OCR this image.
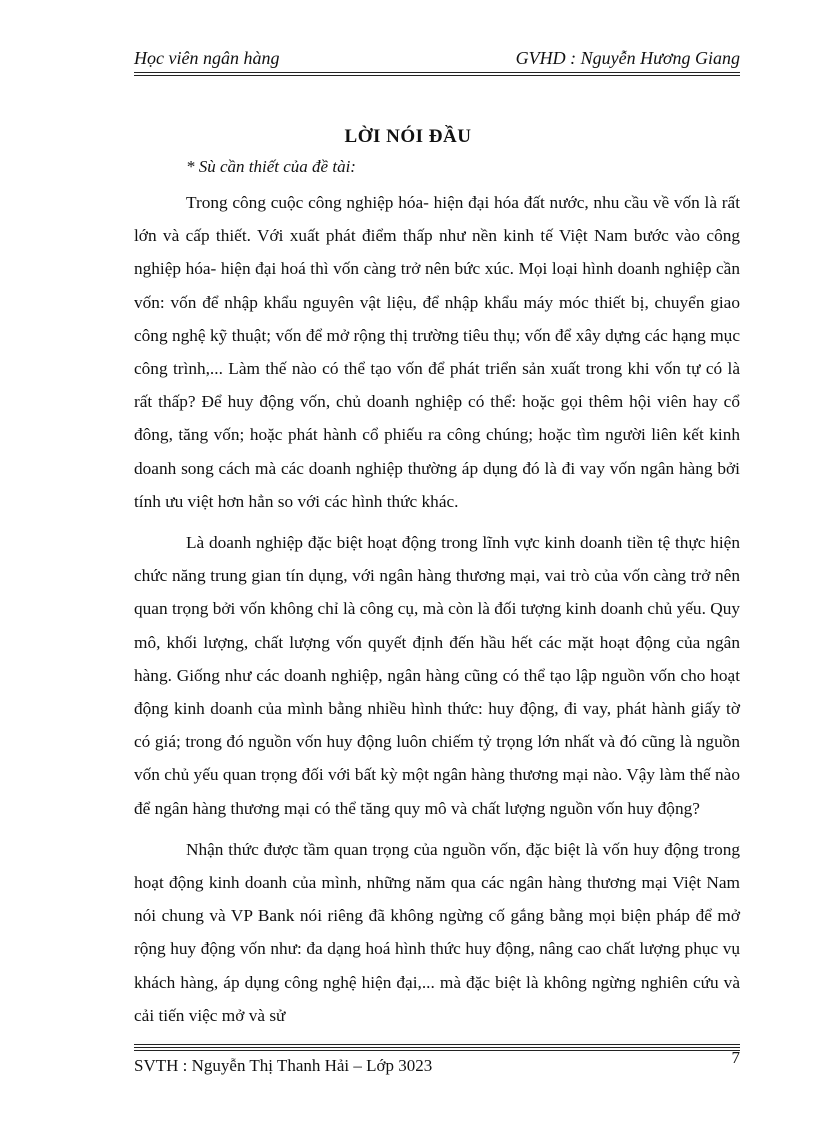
Học viên ngân hàng	GVHD : Nguyễn Hương Giang
LỜI NÓI ĐẦU
* Sù cần thiết của đề tài:

Trong công cuộc công nghiệp hóa- hiện đại hóa đất nước, nhu cầu về vốn là rất lớn và cấp thiết. Với xuất phát điểm thấp như nền kinh tế Việt Nam bước vào công nghiệp hóa- hiện đại hoá thì vốn càng trở nên bức xúc. Mọi loại hình doanh nghiệp cần vốn: vốn để nhập khẩu nguyên vật liệu, để nhập khẩu máy móc thiết bị, chuyển giao công nghệ kỹ thuật; vốn để mở rộng thị trường tiêu thụ; vốn để xây dựng các hạng mục công trình,... Làm thế nào có thể tạo vốn để phát triển sản xuất trong khi vốn tự có là rất thấp? Để huy động vốn, chủ doanh nghiệp có thể: hoặc gọi thêm hội viên hay cổ đông, tăng vốn; hoặc phát hành cổ phiếu ra công chúng; hoặc tìm người liên kết kinh doanh song cách mà các doanh nghiệp thường áp dụng đó là đi vay vốn ngân hàng bởi tính ưu việt hơn hẳn so với các hình thức khác.

Là doanh nghiệp đặc biệt hoạt động trong lĩnh vực kinh doanh tiền tệ thực hiện chức năng trung gian tín dụng, với ngân hàng thương mại, vai trò của vốn càng trở nên quan trọng bởi vốn không chỉ là công cụ, mà còn là đối tượng kinh doanh chủ yếu. Quy mô, khối lượng, chất lượng vốn quyết định đến hầu hết các mặt hoạt động của ngân hàng. Giống như các doanh nghiệp, ngân hàng cũng có thể tạo lập nguồn vốn cho hoạt động kinh doanh của mình bằng nhiều hình thức: huy động, đi vay, phát hành giấy tờ có giá; trong đó nguồn vốn huy động luôn chiếm tỷ trọng lớn nhất và đó cũng là nguồn vốn chủ yếu quan trọng đối với bất kỳ một ngân hàng thương mại nào. Vậy làm thế nào để ngân hàng thương mại có thể tăng quy mô và chất lượng nguồn vốn huy động?

Nhận thức được tầm quan trọng của nguồn vốn, đặc biệt là vốn huy động trong hoạt động kinh doanh của mình, những năm qua các ngân hàng thương mại Việt Nam nói chung và VP Bank nói riêng đã không ngừng cố gắng bằng mọi biện pháp để mở rộng huy động vốn như: đa dạng hoá hình thức huy động, nâng cao chất lượng phục vụ khách hàng, áp dụng công nghệ hiện đại,... mà đặc biệt là không ngừng nghiên cứu và cải tiến việc mở và sử

SVTH : Nguyễn Thị Thanh Hải – Lớp 3023	7
